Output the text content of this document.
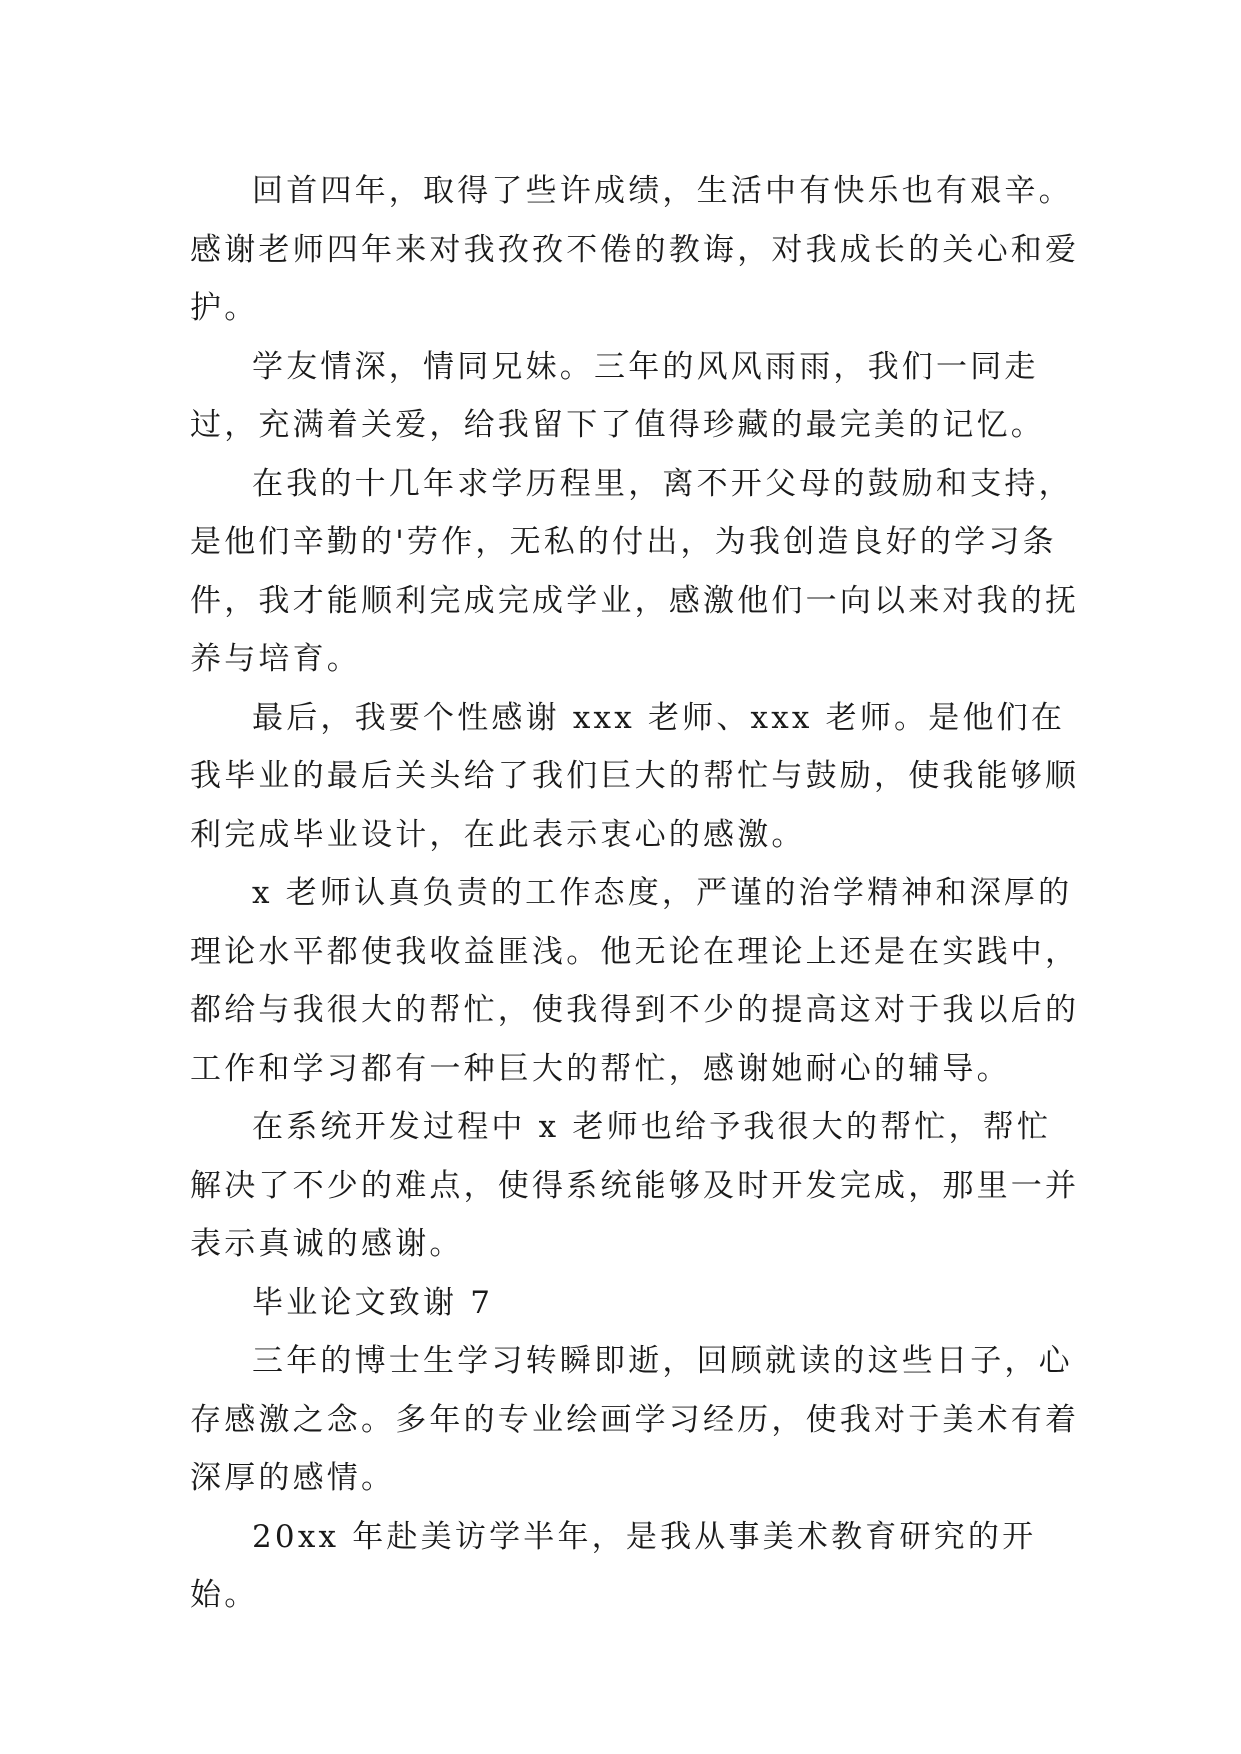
回首四年，取得了些许成绩，生活中有快乐也有艰辛。感谢老师四年来对我孜孜不倦的教诲，对我成长的关心和爱护。

学友情深，情同兄妹。三年的风风雨雨，我们一同走过，充满着关爱，给我留下了值得珍藏的最完美的记忆。

在我的十几年求学历程里，离不开父母的鼓励和支持，是他们辛勤的'劳作，无私的付出，为我创造良好的学习条件，我才能顺利完成完成学业，感激他们一向以来对我的抚养与培育。

最后，我要个性感谢 xxx 老师、xxx 老师。是他们在我毕业的最后关头给了我们巨大的帮忙与鼓励，使我能够顺利完成毕业设计，在此表示衷心的感激。

x 老师认真负责的工作态度，严谨的治学精神和深厚的理论水平都使我收益匪浅。他无论在理论上还是在实践中，都给与我很大的帮忙，使我得到不少的提高这对于我以后的工作和学习都有一种巨大的帮忙，感谢她耐心的辅导。

在系统开发过程中 x 老师也给予我很大的帮忙，帮忙解决了不少的难点，使得系统能够及时开发完成，那里一并表示真诚的感谢。

毕业论文致谢 7

三年的博士生学习转瞬即逝，回顾就读的这些日子，心存感激之念。多年的专业绘画学习经历，使我对于美术有着深厚的感情。

20xx 年赴美访学半年，是我从事美术教育研究的开始。
